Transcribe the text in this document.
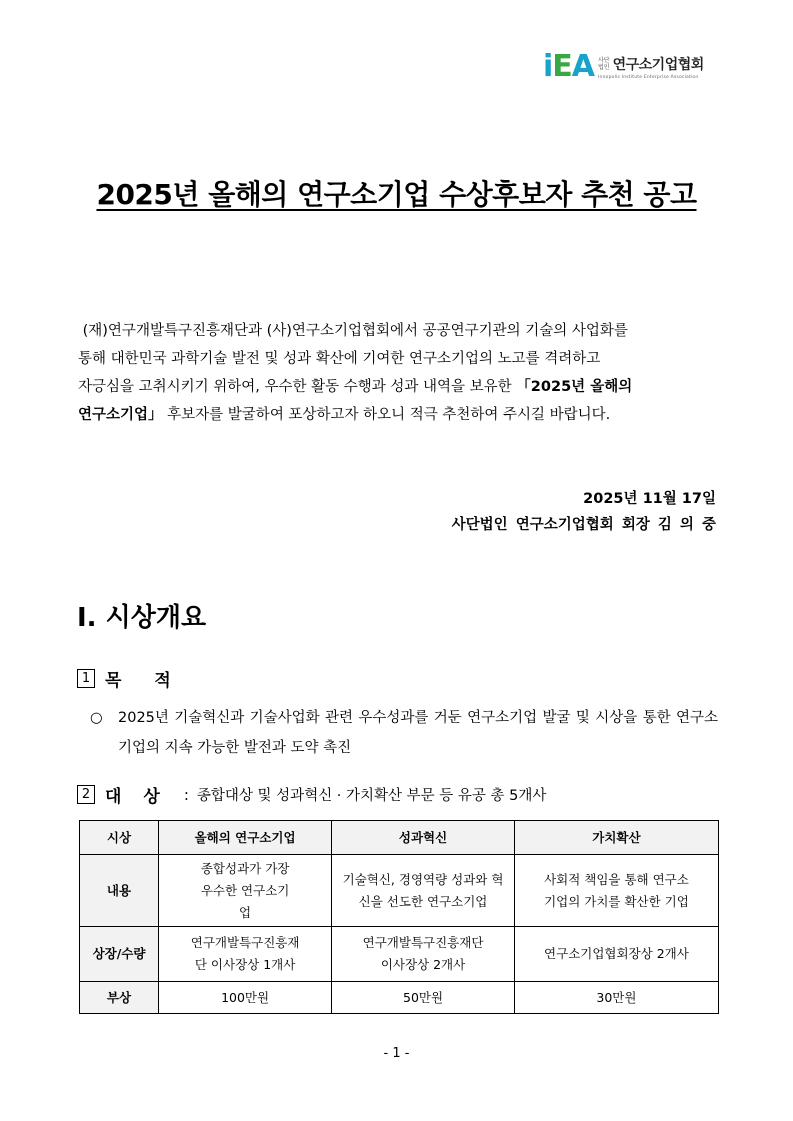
i E A 사단
법인 연구소기업협회
Innopolis Institute Enterprise Association
2025년 올해의 연구소기업 수상후보자 추천 공고

(재)연구개발특구진흥재단과 (사)연구소기업협회에서 공공연구기관의 기술의 사업화를

통해 대한민국 과학기술 발전 및 성과 확산에 기여한 연구소기업의 노고를 격려하고

자긍심을 고취시키기 위하여, 우수한 활동 수행과 성과 내역을 보유한 「2025년 올해의

연구소기업」 후보자를 발굴하여 포상하고자 하오니 적극 추천하여 주시길 바랍니다.

2025년 11월 17일
사단법인 연구소기업협회 회장 김 의 중
Ⅰ. 시상개요
1 목적
○ 2025년 기술혁신과 기술사업화 관련 우수성과를 거둔 연구소기업 발굴 및 시상을 통한 연구소기업의 지속 가능한 발전과 도약 촉진
2 대상 : 종합대상 및 성과혁신 · 가치확산 부문 등 유공 총 5개사
시상	올해의 연구소기업	성과혁신	가치확산
내용	종합성과가 가장 우수한 연구소기업	기술혁신, 경영역량 성과와 혁신을 선도한 연구소기업	사회적 책임을 통해 연구소기업의 가치를 확산한 기업
상장/수량	연구개발특구진흥재단 이사장상 1개사	연구개발특구진흥재단 이사장상 2개사	연구소기업협회장상 2개사
부상	100만원	50만원	30만원
- 1 -
